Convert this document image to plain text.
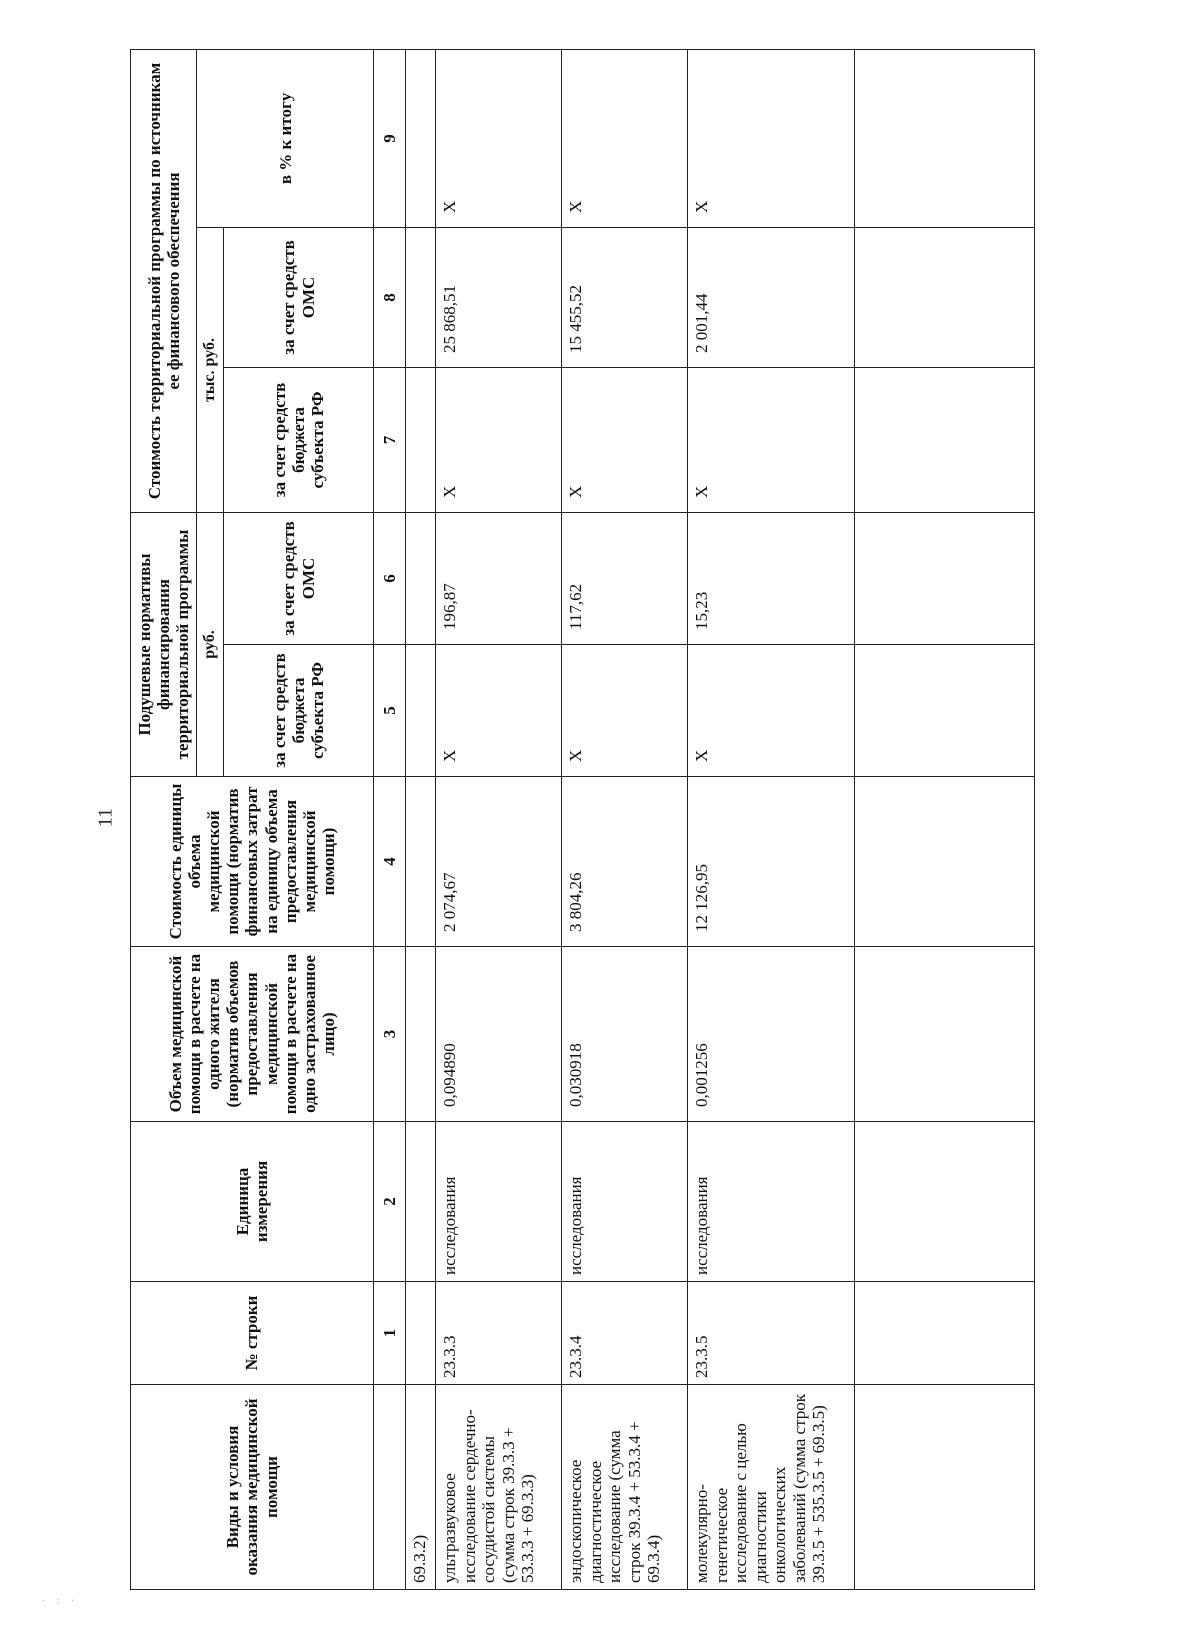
11
· : ·
Виды и условия оказания медицинской помощи	№ строки	Единица измерения	Объем медицинской помощи в расчете на одного жителя (норматив объемов предоставления медицинской помощи в расчете на одно застрахованное лицо)	Стоимость единицы объема медицинской помощи (норматив финансовых затрат на единицу объема предоставления медицинской помощи)	Подушевые нормативы финансирования территориальной программы		Стоимость территориальной программы по источникам ее финансового обеспечения		
					руб.		тыс. руб.		в % к итогу
					за счет средств бюджета субъекта РФ	за счет средств ОМС	за счет средств бюджета субъекта РФ	за счет средств ОМС	
	1	2	3	4	5	6	7	8	9
69.3.2)									
ультразвуковое исследование сердечно-сосудистой системы (сумма строк 39.3.3 + 53.3.3 + 69.3.3)	23.3.3	исследования	0,094890	2 074,67	X	196,87	X	25 868,51	X
эндоскопическое диагностическое исследование (сумма строк 39.3.4 + 53.3.4 + 69.3.4)	23.3.4	исследования	0,030918	3 804,26	X	117,62	X	15 455,52	X
молекулярно-генетическое исследование с целью диагностики онкологических заболеваний (сумма строк 39.3.5 + 535.3.5 + 69.3.5)	23.3.5	исследования	0,001256	12 126,95	X	15,23	X	2 001,44	X
